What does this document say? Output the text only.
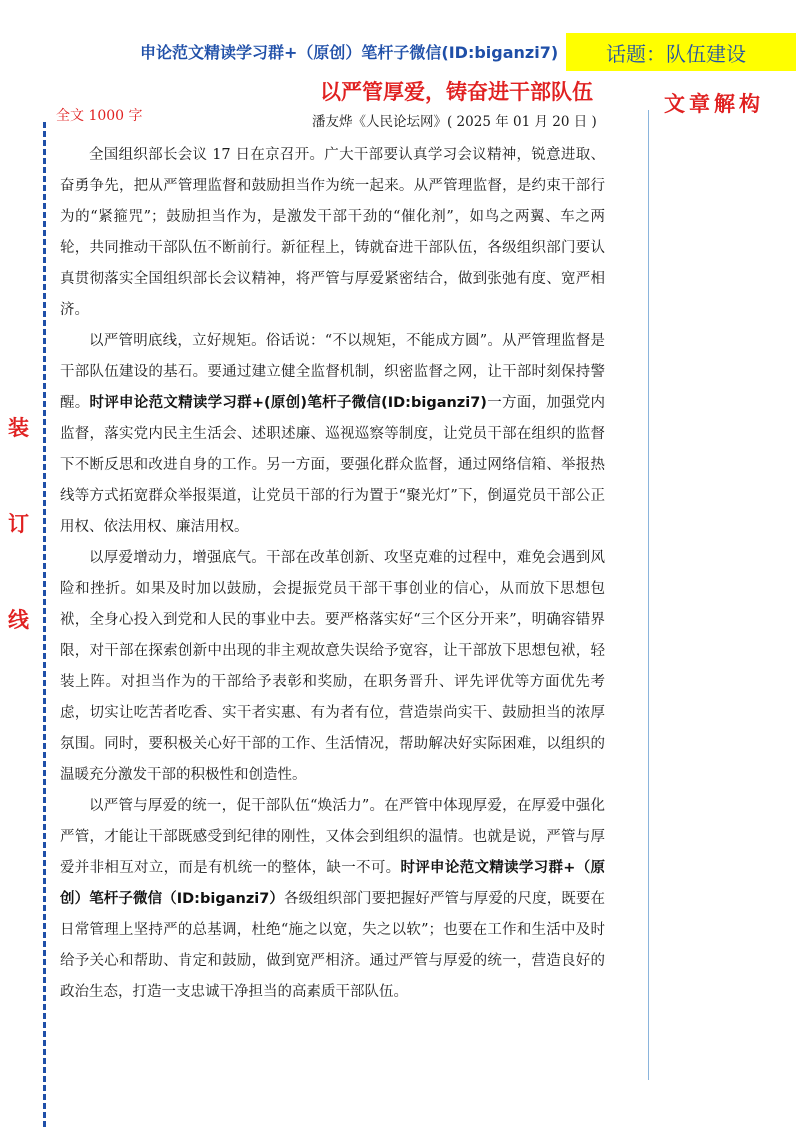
申论范文精读学习群+（原创）笔杆子微信(ID:biganzi7) 话题：队伍建设
以严管厚爱，铸奋进干部队伍
潘友烨《人民论坛网》( 2025 年 01 月 20 日 )
全文 1000 字	文章解构
装
订
线

全国组织部长会议 17 日在京召开。广大干部要认真学习会议精神，锐意进取、奋勇争先，把从严管理监督和鼓励担当作为统一起来。从严管理监督，是约束干部行为的“紧箍咒”；鼓励担当作为，是激发干部干劲的“催化剂”，如鸟之两翼、车之两轮，共同推动干部队伍不断前行。新征程上，铸就奋进干部队伍，各级组织部门要认真贯彻落实全国组织部长会议精神，将严管与厚爱紧密结合，做到张弛有度、宽严相济。

以严管明底线，立好规矩。俗话说：“不以规矩，不能成方圆”。从严管理监督是干部队伍建设的基石。要通过建立健全监督机制，织密监督之网，让干部时刻保持警醒。时评申论范文精读学习群+(原创)笔杆子微信(ID:biganzi7)一方面，加强党内监督，落实党内民主生活会、述职述廉、巡视巡察等制度，让党员干部在组织的监督下不断反思和改进自身的工作。另一方面，要强化群众监督，通过网络信箱、举报热线等方式拓宽群众举报渠道，让党员干部的行为置于“聚光灯”下，倒逼党员干部公正用权、依法用权、廉洁用权。

以厚爱增动力，增强底气。干部在改革创新、攻坚克难的过程中，难免会遇到风险和挫折。如果及时加以鼓励，会提振党员干部干事创业的信心，从而放下思想包袱，全身心投入到党和人民的事业中去。要严格落实好“三个区分开来”，明确容错界限，对干部在探索创新中出现的非主观故意失误给予宽容，让干部放下思想包袱，轻装上阵。对担当作为的干部给予表彰和奖励，在职务晋升、评先评优等方面优先考虑，切实让吃苦者吃香、实干者实惠、有为者有位，营造崇尚实干、鼓励担当的浓厚氛围。同时，要积极关心好干部的工作、生活情况，帮助解决好实际困难，以组织的温暖充分激发干部的积极性和创造性。

以严管与厚爱的统一，促干部队伍“焕活力”。在严管中体现厚爱，在厚爱中强化严管，才能让干部既感受到纪律的刚性，又体会到组织的温情。也就是说，严管与厚爱并非相互对立，而是有机统一的整体，缺一不可。时评申论范文精读学习群+（原创）笔杆子微信（ID:biganzi7）各级组织部门要把握好严管与厚爱的尺度，既要在日常管理上坚持严的总基调，杜绝“施之以宽，失之以软”；也要在工作和生活中及时给予关心和帮助、肯定和鼓励，做到宽严相济。通过严管与厚爱的统一，营造良好的政治生态，打造一支忠诚干净担当的高素质干部队伍。
